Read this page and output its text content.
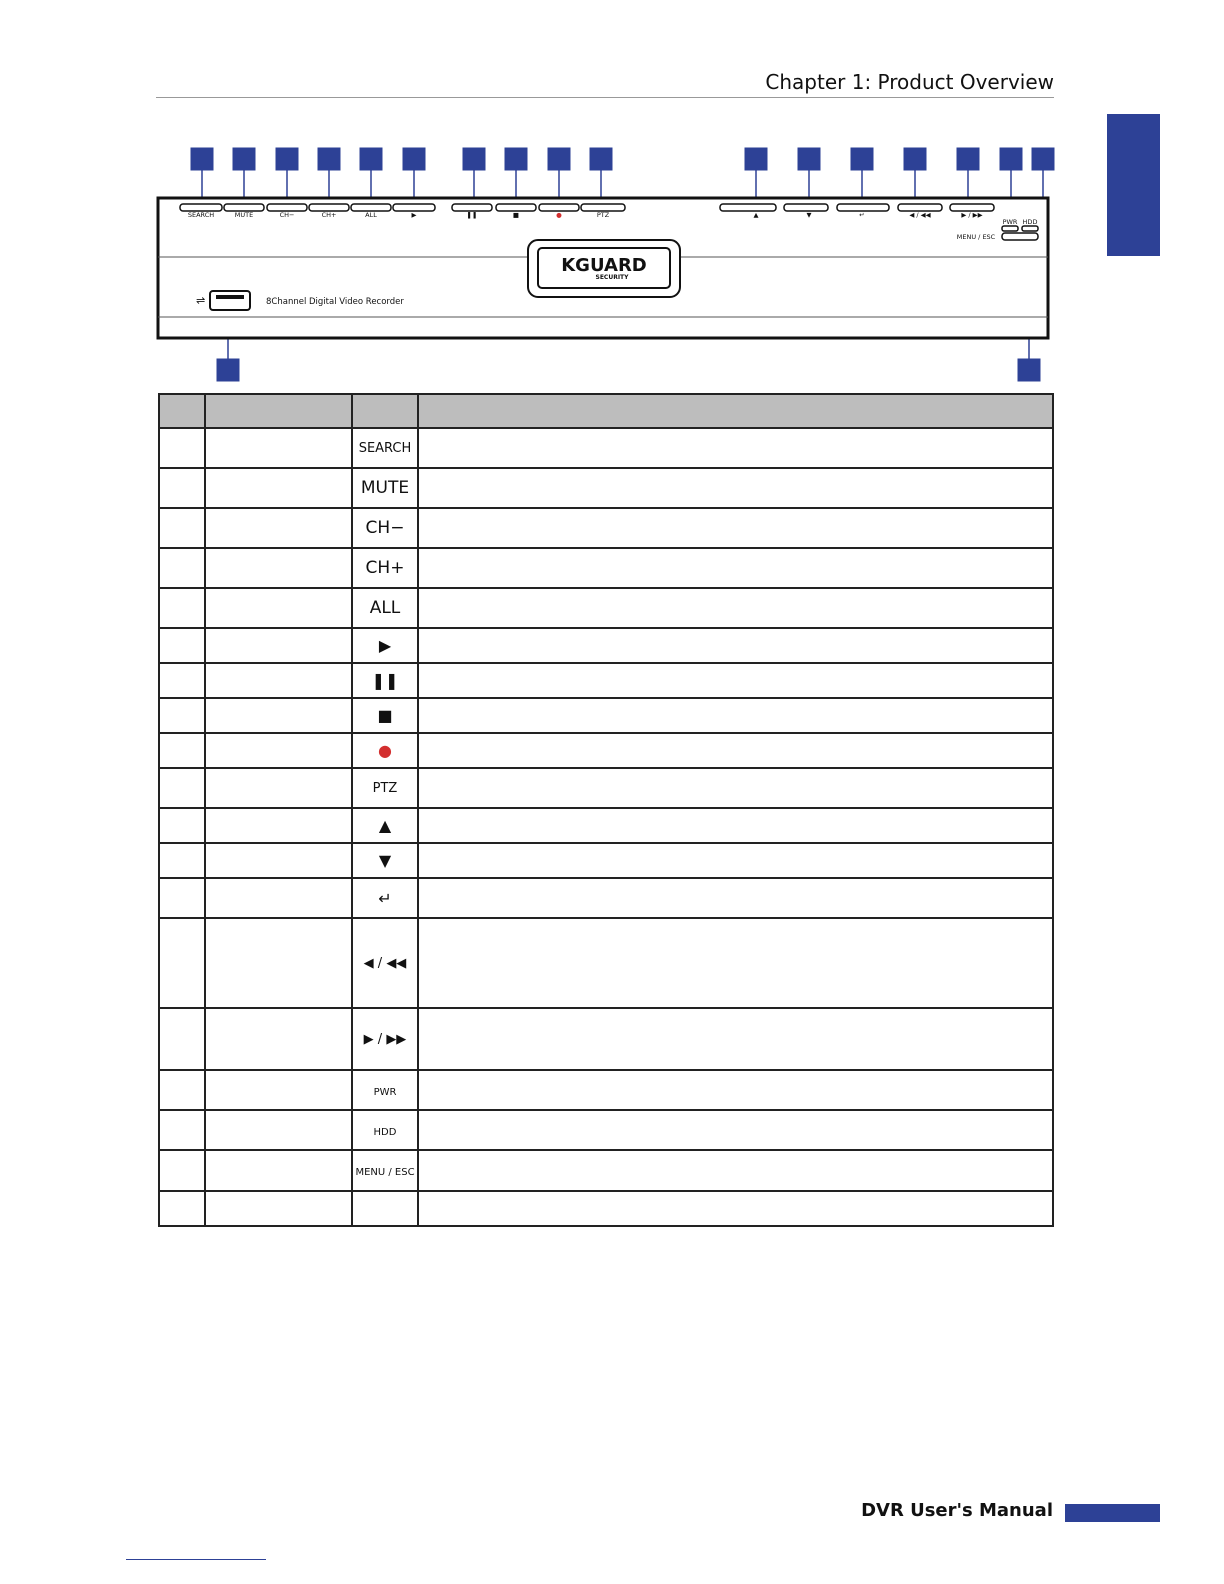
Chapter 1: Product Overview
SEARCH	MUTE	CH−	CH+	ALL	▶	❚❚	■	●	PTZ	▲	▼	↵	◀ / ◀◀	▶ / ▶▶
PWR HDD
MENU / ESC
KGUARD
SECURITY
⇌	8Channel Digital Video Recorder

		SEARCH	
		MUTE	
		CH−	
		CH+	
		ALL	
		▶	
		❚❚	
		■	
		●	
		PTZ	
		▲	
		▼	
		↵	
		◀ / ◀◀	
		▶ / ▶▶	
		PWR	
		HDD	
		MENU / ESC	

DVR User's Manual
